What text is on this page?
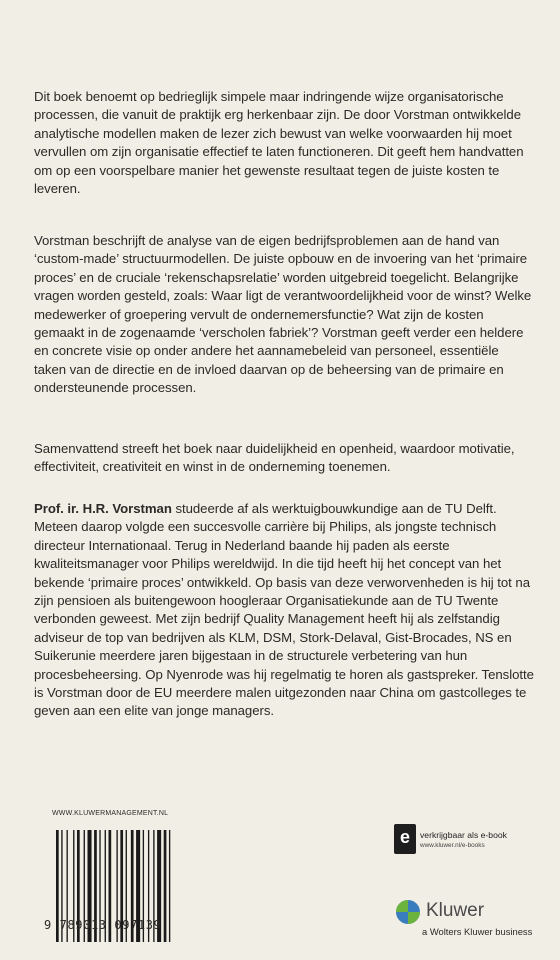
Dit boek benoemt op bedrieglijk simpele maar indringende wijze organisatorische processen, die vanuit de praktijk erg herkenbaar zijn. De door Vorstman ontwikkelde analytische modellen maken de lezer zich bewust van welke voorwaarden hij moet vervullen om zijn organisatie effectief te laten functioneren. Dit geeft hem handvatten om op een voorspelbare manier het gewenste resultaat tegen de juiste kosten te leveren.

Vorstman beschrijft de analyse van de eigen bedrijfsproblemen aan de hand van ‘custom-made’ structuurmodellen. De juiste opbouw en de invoering van het ‘primaire proces’ en de cruciale ‘rekenschapsrelatie’ worden uitgebreid toegelicht. Belangrijke vragen worden gesteld, zoals: Waar ligt de verantwoordelijkheid voor de winst? Welke medewerker of groepering vervult de ondernemersfunctie? Wat zijn de kosten gemaakt in de zogenaamde ‘verscholen fabriek’? Vorstman geeft verder een heldere en concrete visie op onder andere het aannamebeleid van personeel, essentiële taken van de directie en de invloed daarvan op de beheersing van de primaire en ondersteunende processen.

Samenvattend streeft het boek naar duidelijkheid en openheid, waardoor motivatie, effectiviteit, creativiteit en winst in de onderneming toenemen.

Prof. ir. H.R. Vorstman studeerde af als werktuigbouwkundige aan de TU Delft. Meteen daarop volgde een succesvolle carrière bij Philips, als jongste technisch directeur Internationaal. Terug in Nederland baande hij paden als eerste kwaliteitsmanager voor Philips wereldwijd. In die tijd heeft hij het concept van het bekende ‘primaire proces’ ontwikkeld. Op basis van deze verworvenheden is hij tot na zijn pensioen als buitengewoon hoogleraar Organisatiekunde aan de TU Twente verbonden geweest. Met zijn bedrijf Quality Management heeft hij als zelfstandig adviseur de top van bedrijven als KLM, DSM, Stork-Delaval, Gist-Brocades, NS en Suikerunie meerdere jaren bijgestaan in de structurele verbetering van hun procesbeheersing. Op Nyenrode was hij regelmatig te horen als gastspreker. Tenslotte is Vorstman door de EU meerdere malen uitgezonden naar China om gastcolleges te geven aan een elite van jonge managers.

WWW.KLUWERMANAGEMENT.NL
9 789013 097139
e	verkrijgbaar als e-book
www.kluwer.nl/e-books
Kluwer
a Wolters Kluwer business
